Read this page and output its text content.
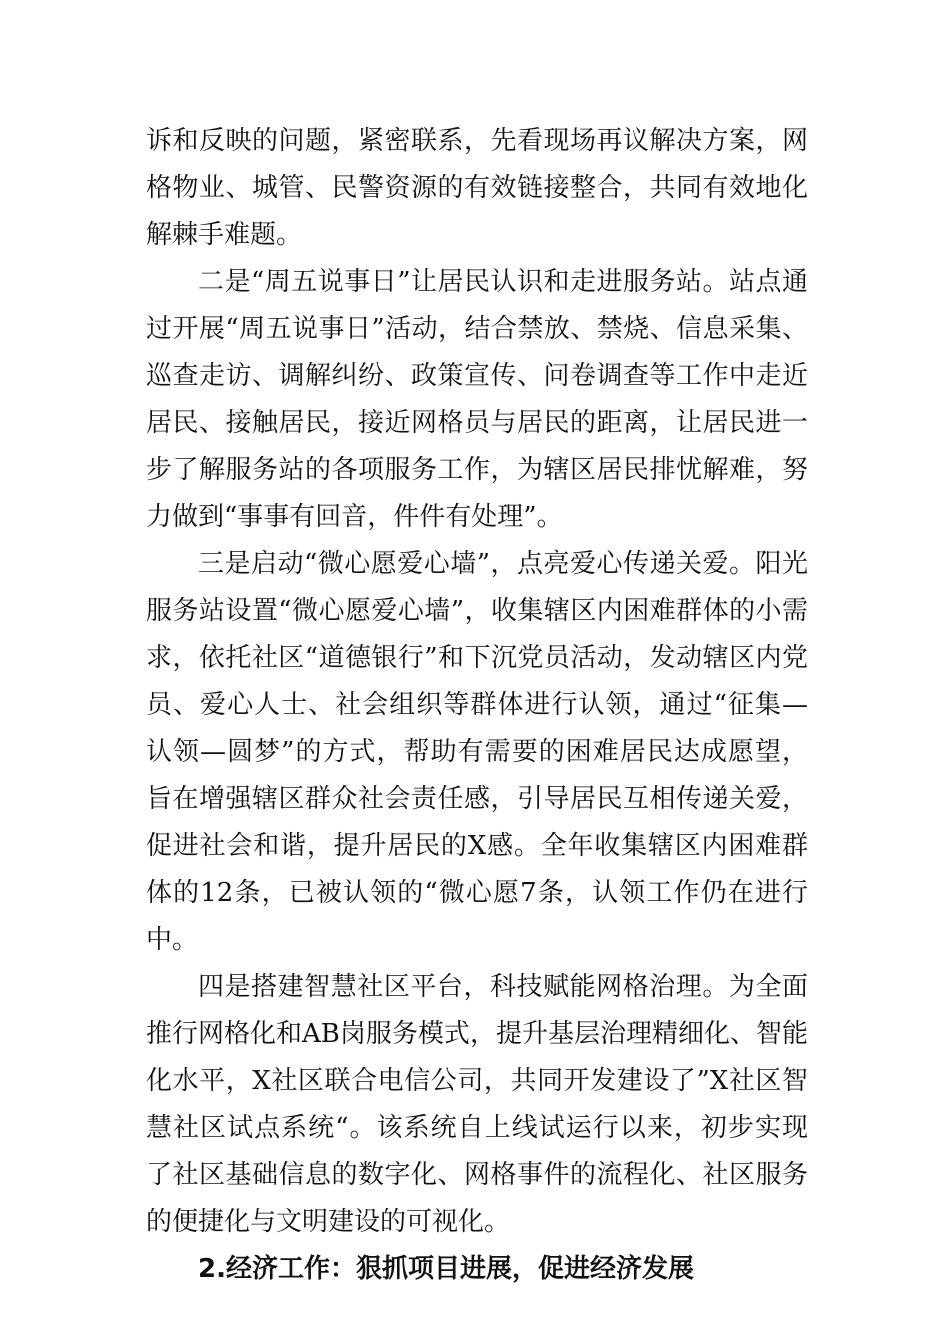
诉和反映的问题，紧密联系，先看现场再议解决方案，网格物业、城管、民警资源的有效链接整合，共同有效地化解棘手难题。

二是“周五说事日”让居民认识和走进服务站。站点通过开展“周五说事日”活动，结合禁放、禁烧、信息采集、巡查走访、调解纠纷、政策宣传、问卷调查等工作中走近居民、接触居民，接近网格员与居民的距离，让居民进一步了解服务站的各项服务工作，为辖区居民排忧解难，努力做到“事事有回音，件件有处理”。

三是启动“微心愿爱心墙”，点亮爱心传递关爱。阳光服务站设置“微心愿爱心墙”，收集辖区内困难群体的小需求，依托社区“道德银行”和下沉党员活动，发动辖区内党员、爱心人士、社会组织等群体进行认领，通过“征集—认领—圆梦”的方式，帮助有需要的困难居民达成愿望，旨在增强辖区群众社会责任感，引导居民互相传递关爱，促进社会和谐，提升居民的X感。全年收集辖区内困难群体的12条，已被认领的“微心愿7条，认领工作仍在进行中。

四是搭建智慧社区平台，科技赋能网格治理。为全面推行网格化和AB岗服务模式，提升基层治理精细化、智能化水平，X社区联合电信公司，共同开发建设了”X社区智慧社区试点系统“。该系统自上线试运行以来，初步实现了社区基础信息的数字化、网格事件的流程化、社区服务的便捷化与文明建设的可视化。

2.经济工作：狠抓项目进展，促进经济发展
